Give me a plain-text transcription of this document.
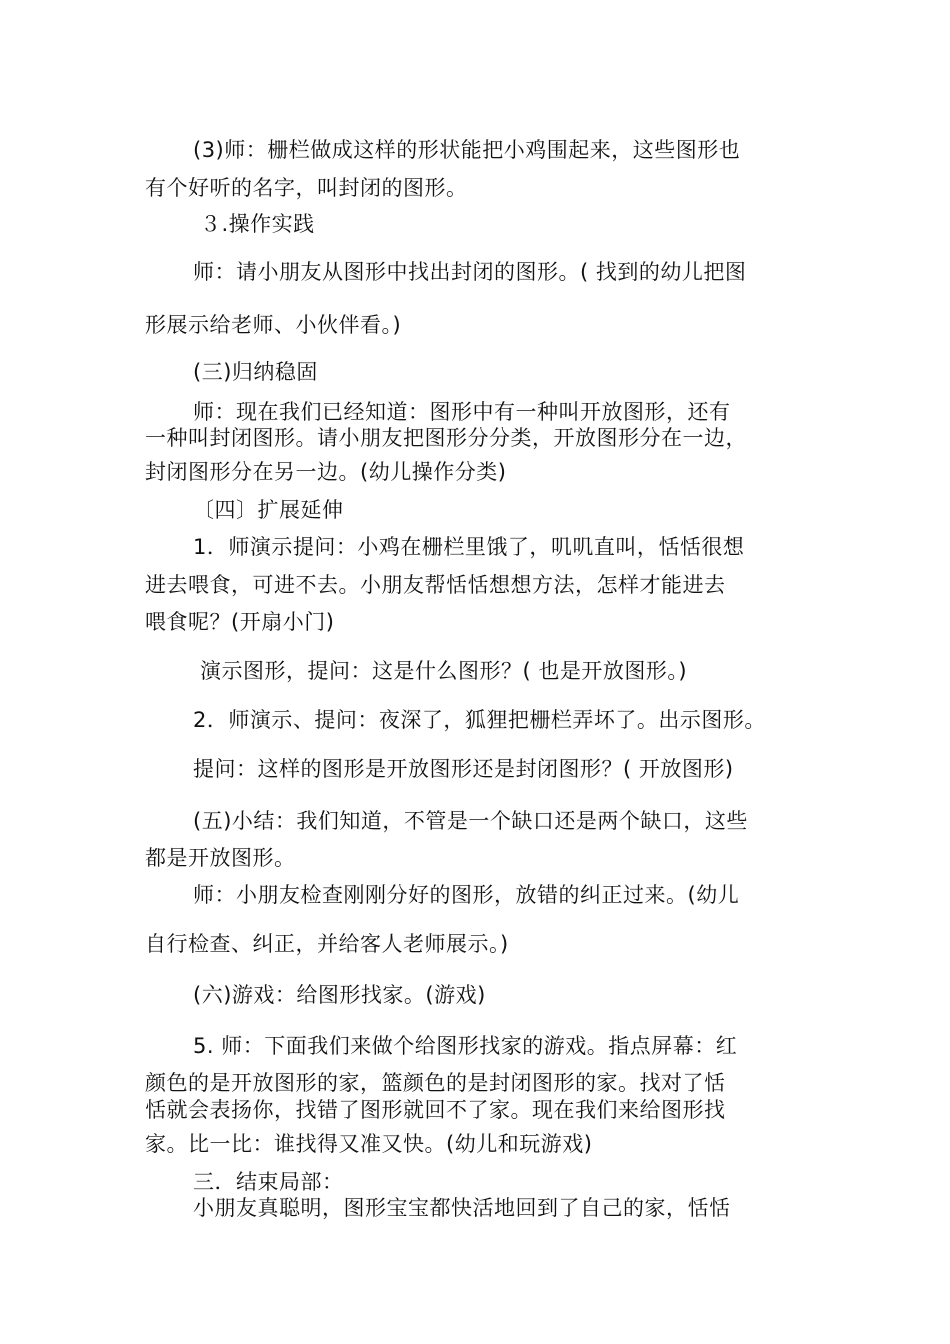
(3)师：栅栏做成这样的形状能把小鸡围起来，这些图形也
有个好听的名字，叫封闭的图形。
３.操作实践
师：请小朋友从图形中找出封闭的图形。( 找到的幼儿把图
形展示给老师、小伙伴看。)
(三)归纳稳固
师：现在我们已经知道：图形中有一种叫开放图形，还有
一种叫封闭图形。请小朋友把图形分分类，开放图形分在一边，
封闭图形分在另一边。(幼儿操作分类)
〔四〕扩展延伸
1．师演示提问：小鸡在栅栏里饿了，叽叽直叫，恬恬很想
进去喂食，可进不去。小朋友帮恬恬想想方法，怎样才能进去
喂食呢？(开扇小门)
演示图形，提问：这是什么图形？( 也是开放图形。)
2．师演示、提问：夜深了，狐狸把栅栏弄坏了。出示图形。
提问：这样的图形是开放图形还是封闭图形？( 开放图形)
(五)小结：我们知道，不管是一个缺口还是两个缺口，这些
都是开放图形。
师：小朋友检查刚刚分好的图形，放错的纠正过来。(幼儿
自行检查、纠正，并给客人老师展示。)
(六)游戏：给图形找家。(游戏)
5. 师：下面我们来做个给图形找家的游戏。指点屏幕：红
颜色的是开放图形的家，篮颜色的是封闭图形的家。找对了恬
恬就会表扬你，找错了图形就回不了家。现在我们来给图形找
家。比一比：谁找得又准又快。(幼儿和玩游戏)
三．结束局部：
小朋友真聪明，图形宝宝都快活地回到了自己的家，恬恬
